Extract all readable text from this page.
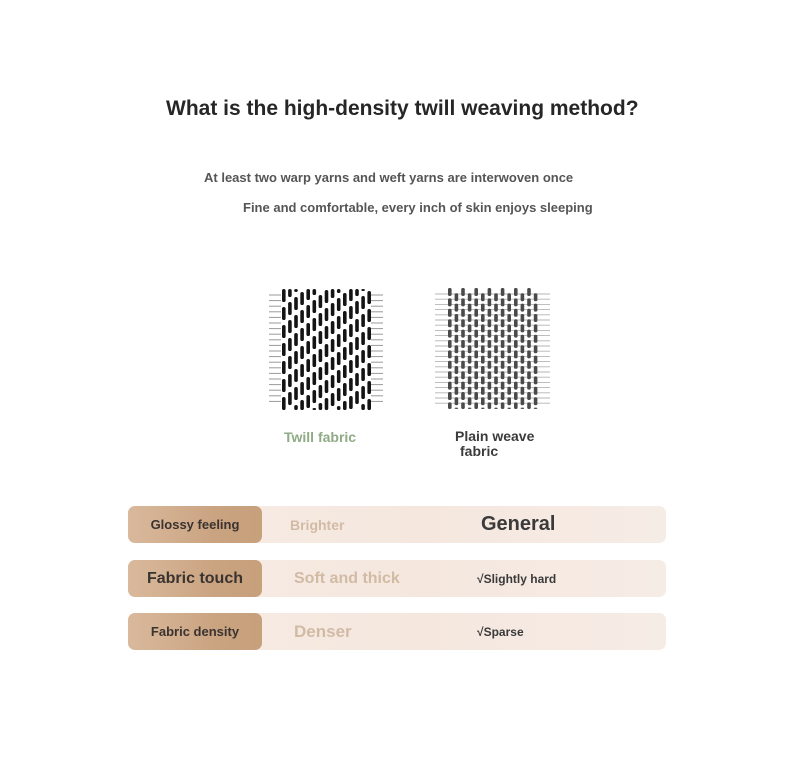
What is the high-density twill weaving method?
At least two warp yarns and weft yarns are interwoven once
Fine and comfortable, every inch of skin enjoys sleeping
Twill fabric	Plain weave
fabric
Glossy feeling	Brighter	General
Fabric touch	Soft and thick	√Slightly hard
Fabric density	Denser	√Sparse
